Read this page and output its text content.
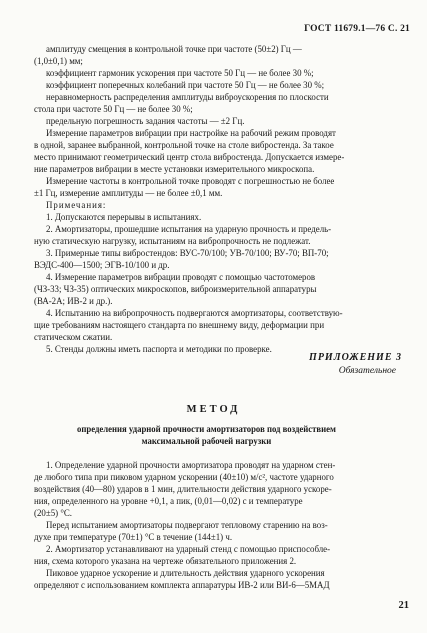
ГОСТ 11679.1—76 С. 21
амплитуду смещения в контрольной точке при частоте (50±2) Гц —
(1,0±0,1) мм;
коэффициент гармоник ускорения при частоте 50 Гц — не более 30 %;
коэффициент поперечных колебаний при частоте 50 Гц — не более 30 %;
неравномерность распределения амплитуды виброускорения по плоскости
стола при частоте 50 Гц — не более 30 %;
предельную погрешность задания частоты — ±2 Гц.
Измерение параметров вибрации при настройке на рабочий режим проводят
в одной, заранее выбранной, контрольной точке на столе вибростенда. За такое
место принимают геометрический центр стола вибростенда. Допускается измере-
ние параметров вибрации в месте установки измерительного микроскопа.
Измерение частоты в контрольной точке проводят с погрешностью не более
±1 Гц, измерение амплитуды — не более ±0,1 мм.
Примечания:
1. Допускаются перерывы в испытаниях.
2. Амортизаторы, прошедшие испытания на ударную прочность и предель-
ную статическую нагрузку, испытаниям на вибропрочность не подлежат.
3. Примерные типы вибростендов: ВУС-70/100; УВ-70/100; ВУ-70; ВП-70;
ВЭДС-400—1500; ЭГВ-10/100 и др.
4. Измерение параметров вибрации проводят с помощью частотомеров
(ЧЗ-33; ЧЗ-35) оптических микроскопов, виброизмерительной аппаратуры
(ВА-2А; ИВ-2 и др.).
4. Испытанию на вибропрочность подвергаются амортизаторы, соответствую-
щие требованиям настоящего стандарта по внешнему виду, деформации при
статическом сжатии.
5. Стенды должны иметь паспорта и методики по проверке.
ПРИЛОЖЕНИЕ 3
Обязательное
МЕТОД
определения ударной прочности амортизаторов под воздействием
максимальной рабочей нагрузки
1. Определение ударной прочности амортизатора проводят на ударном стен-
де любого типа при пиковом ударном ускорении (40±10) м/с², частоте ударного
воздействия (40—80) ударов в 1 мин, длительности действия ударного ускоре-
ния, определенного на уровне +0,1, а пик, (0,01—0,02) с и температуре
(20±5) °С.
Перед испытанием амортизаторы подвергают тепловому старению на воз-
духе при температуре (70±1) °С в течение (144±1) ч.
2. Амортизатор устанавливают на ударный стенд с помощью приспособле-
ния, схема которого указана на чертеже обязательного приложения 2.
Пиковое ударное ускорение и длительность действия ударного ускорения
определяют с использованием комплекта аппаратуры ИВ-2 или ВИ-6—5МАД
21
